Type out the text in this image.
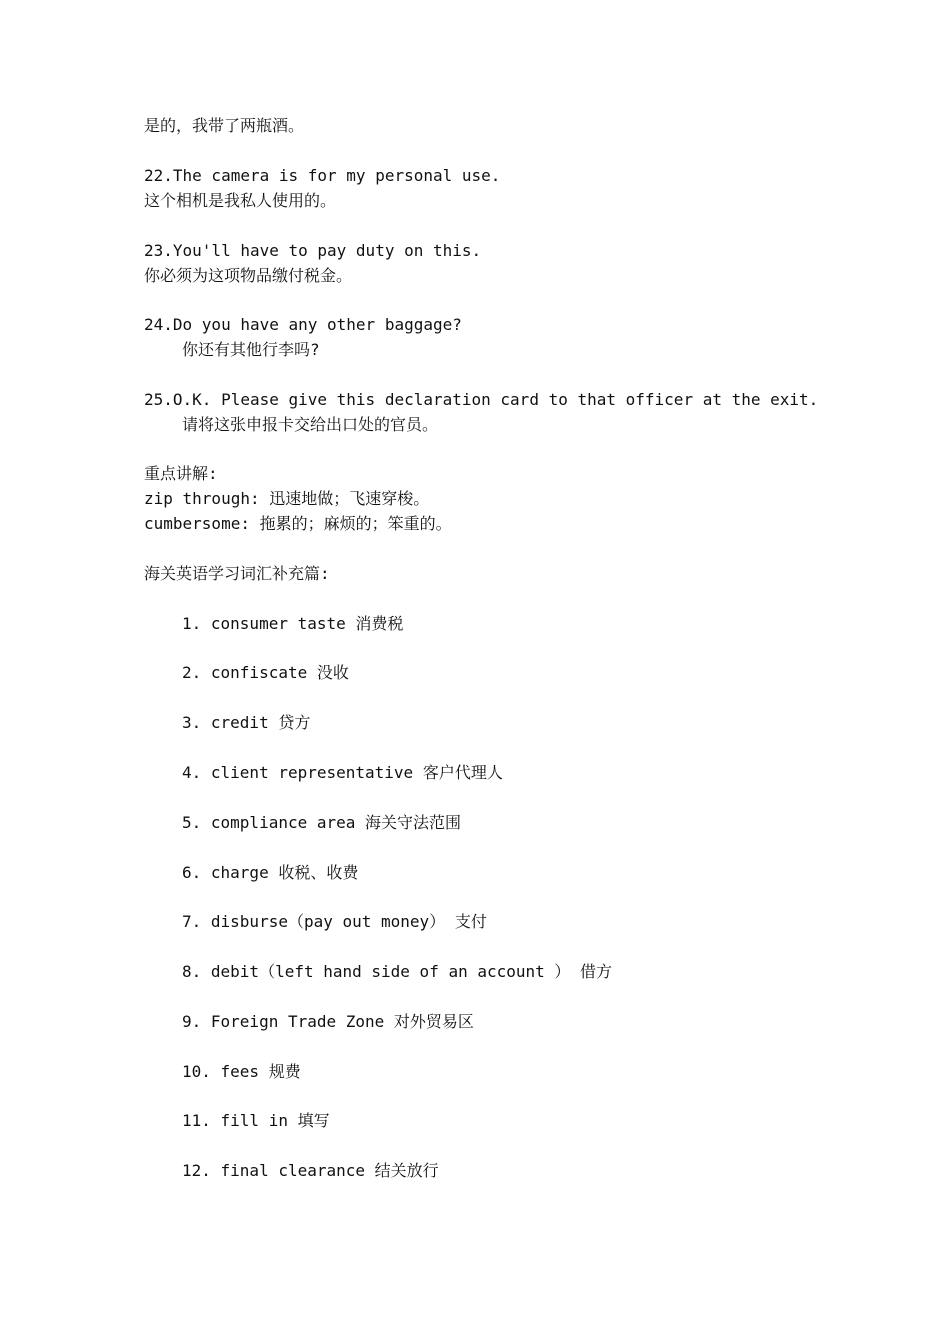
是的，我带了两瓶酒。
22.The camera is for my personal use.
这个相机是我私人使用的。
23.You'll have to pay duty on this.
你必须为这项物品缴付税金。
24.Do you have any other baggage?
你还有其他行李吗?
25.O.K. Please give this declaration card to that officer at the exit.
请将这张申报卡交给出口处的官员。
重点讲解:
zip through: 迅速地做；飞速穿梭。
cumbersome: 拖累的；麻烦的；笨重的。
海关英语学习词汇补充篇:
1. consumer taste 消费税
2. confiscate 没收
3. credit 贷方
4. client representative 客户代理人
5. compliance area 海关守法范围
6. charge 收税、收费
7. disburse（pay out money） 支付
8. debit（left hand side of an account ） 借方
9. Foreign Trade Zone 对外贸易区
10. fees 规费
11. fill in 填写
12. final clearance 结关放行
